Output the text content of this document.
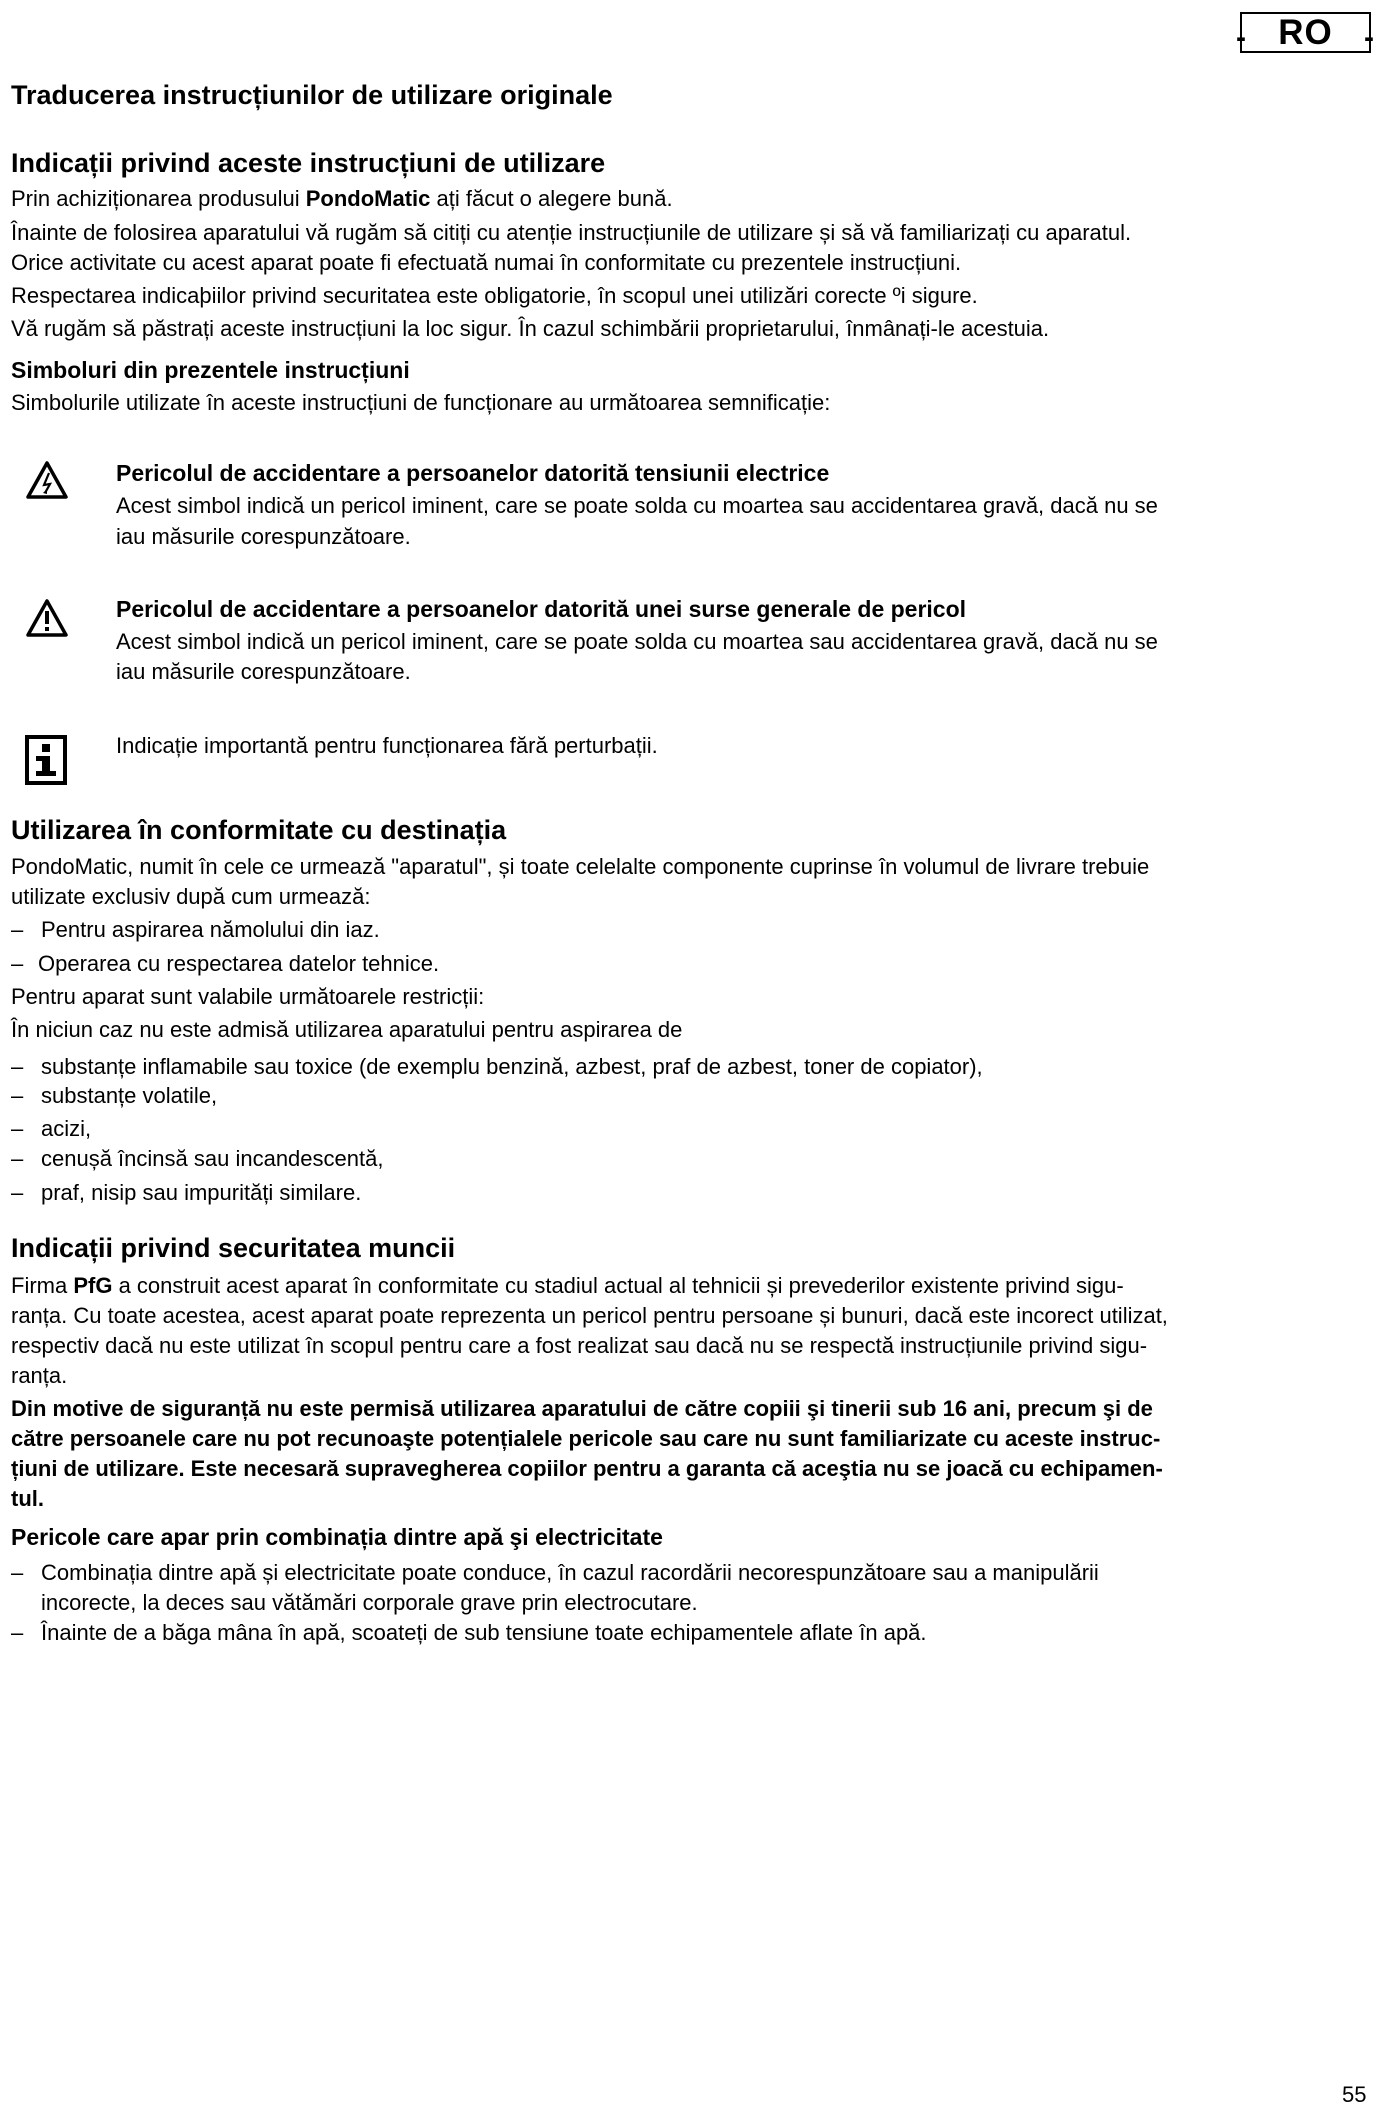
- RO -
Traducerea instrucțiunilor de utilizare originale
Indicații privind aceste instrucțiuni de utilizare
Prin achiziționarea produsului PondoMatic ați făcut o alegere bună.
Înainte de folosirea aparatului vă rugăm să citiți cu atenție instrucțiunile de utilizare și să vă familiarizați cu aparatul.
Orice activitate cu acest aparat poate fi efectuată numai în conformitate cu prezentele instrucțiuni.
Respectarea indicaþiilor privind securitatea este obligatorie, în scopul unei utilizări corecte ºi sigure.
Vă rugăm să păstrați aceste instrucțiuni la loc sigur. În cazul schimbării proprietarului, înmânați-le acestuia.
Simboluri din prezentele instrucțiuni
Simbolurile utilizate în aceste instrucțiuni de funcționare au următoarea semnificație:
Pericolul de accidentare a persoanelor datorită tensiunii electrice
Acest simbol indică un pericol iminent, care se poate solda cu moartea sau accidentarea gravă, dacă nu se
iau măsurile corespunzătoare.
Pericolul de accidentare a persoanelor datorită unei surse generale de pericol
Acest simbol indică un pericol iminent, care se poate solda cu moartea sau accidentarea gravă, dacă nu se
iau măsurile corespunzătoare.
Indicație importantă pentru funcționarea fără perturbații.
Utilizarea în conformitate cu destinația
PondoMatic, numit în cele ce urmează "aparatul", și toate celelalte componente cuprinse în volumul de livrare trebuie
utilizate exclusiv după cum urmează:
– Pentru aspirarea nămolului din iaz.
– Operarea cu respectarea datelor tehnice.
Pentru aparat sunt valabile următoarele restricții:
În niciun caz nu este admisă utilizarea aparatului pentru aspirarea de
– substanțe inflamabile sau toxice (de exemplu benzină, azbest, praf de azbest, toner de copiator),
– substanțe volatile,
– acizi,
– cenușă încinsă sau incandescentă,
– praf, nisip sau impurități similare.
Indicații privind securitatea muncii
Firma PfG a construit acest aparat în conformitate cu stadiul actual al tehnicii și prevederilor existente privind sigu-
ranța. Cu toate acestea, acest aparat poate reprezenta un pericol pentru persoane și bunuri, dacă este incorect utilizat,
respectiv dacă nu este utilizat în scopul pentru care a fost realizat sau dacă nu se respectă instrucțiunile privind sigu-
ranța.
Din motive de siguranță nu este permisă utilizarea aparatului de către copiii şi tinerii sub 16 ani, precum şi de
către persoanele care nu pot recunoaşte potențialele pericole sau care nu sunt familiarizate cu aceste instruc-
țiuni de utilizare. Este necesară supravegherea copiilor pentru a garanta că aceştia nu se joacă cu echipamen-
tul.
Pericole care apar prin combinația dintre apă şi electricitate
– Combinația dintre apă și electricitate poate conduce, în cazul racordării necorespunzătoare sau a manipulării
incorecte, la deces sau vătămări corporale grave prin electrocutare.
– Înainte de a băga mâna în apă, scoateți de sub tensiune toate echipamentele aflate în apă.
55
